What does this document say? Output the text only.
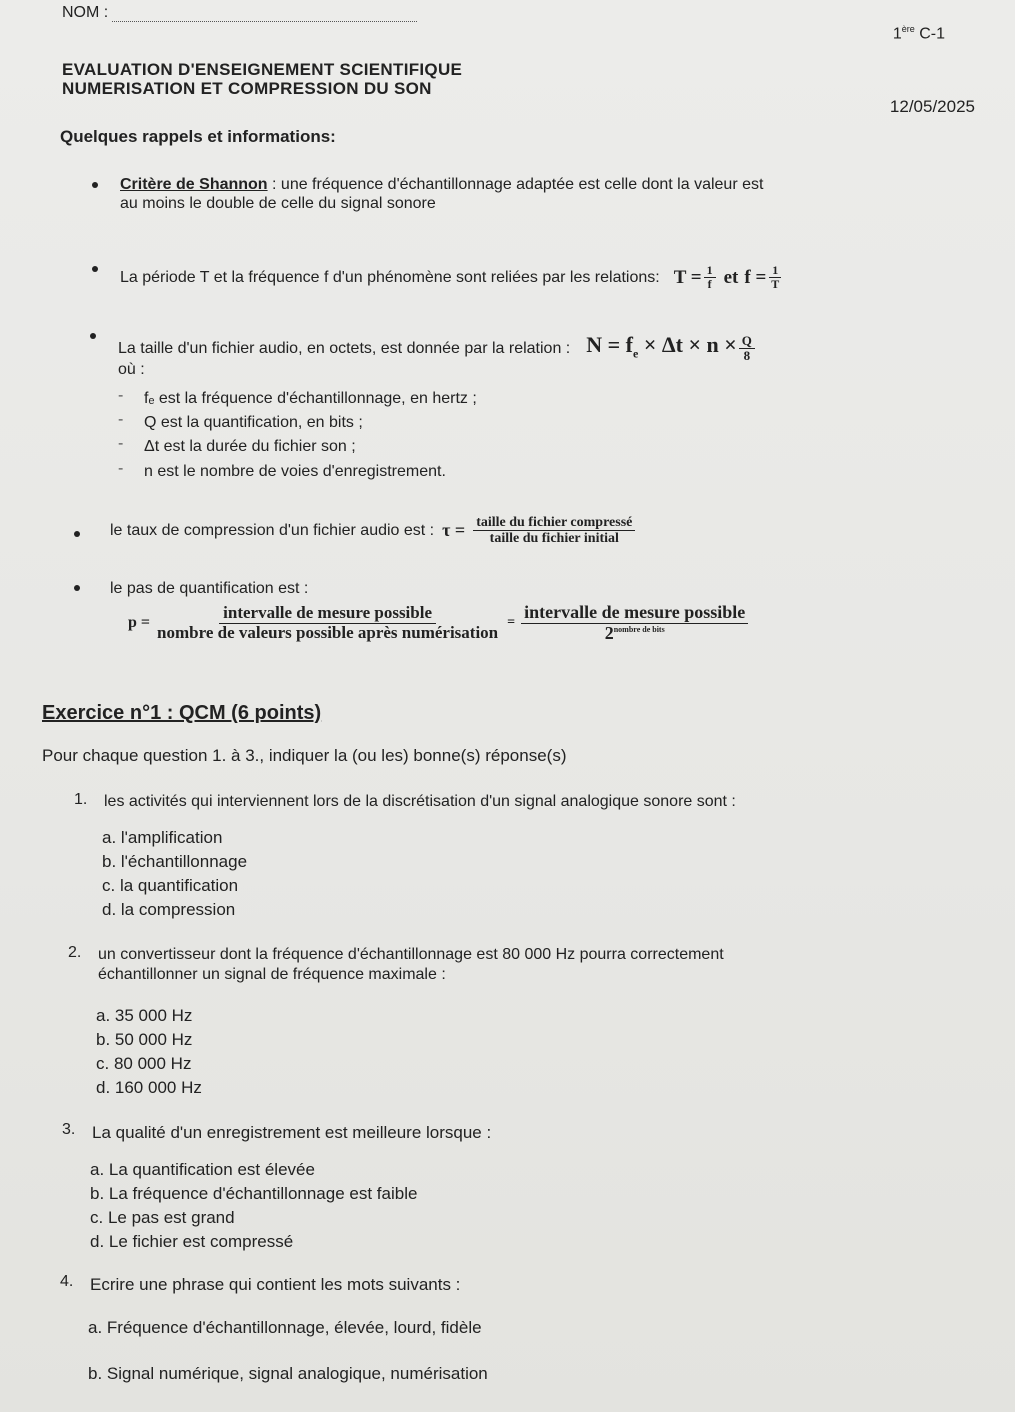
NOM :
1ère C-1
EVALUATION D'ENSEIGNEMENT SCIENTIFIQUE
NUMERISATION ET COMPRESSION DU SON
12/05/2025
Quelques rappels et informations:
Critère de Shannon : une fréquence d'échantillonnage adaptée est celle dont la valeur est
au moins le double de celle du signal sonore
La période T et la fréquence f d'un phénomène sont reliées par les relations: $T = \frac{1}{f}$ et $f = \frac{1}{T}$
La taille d'un fichier audio, en octets, est donnée par la relation : $N = f_e \times \Delta t \times n \times \frac{Q}{8}$
où :
- fₑ est la fréquence d'échantillonnage, en hertz ;
- Q est la quantification, en bits ;
- Δt est la durée du fichier son ;
- n est le nombre de voies d'enregistrement.
le taux de compression d'un fichier audio est : $\tau = \frac{\text{taille du fichier compressé}}{\text{taille du fichier initial}}$
le pas de quantification est :
$p = \frac{\text{intervalle de mesure possible}}{\text{nombre de valeurs possible après numérisation}} = \frac{\text{intervalle de mesure possible}}{2^{nombre de bits}}$
Exercice n°1 : QCM (6 points)
Pour chaque question 1. à 3., indiquer la (ou les) bonne(s) réponse(s)
1. les activités qui interviennent lors de la discrétisation d'un signal analogique sonore sont :
a. l'amplification
b. l'échantillonnage
c. la quantification
d. la compression
2. un convertisseur dont la fréquence d'échantillonnage est 80 000 Hz pourra correctement
échantillonner un signal de fréquence maximale :
a. 35 000 Hz
b. 50 000 Hz
c. 80 000 Hz
d. 160 000 Hz
3. La qualité d'un enregistrement est meilleure lorsque :
a. La quantification est élevée
b. La fréquence d'échantillonnage est faible
c. Le pas est grand
d. Le fichier est compressé
4. Ecrire une phrase qui contient les mots suivants :
a. Fréquence d'échantillonnage, élevée, lourd, fidèle
b. Signal numérique, signal analogique, numérisation
